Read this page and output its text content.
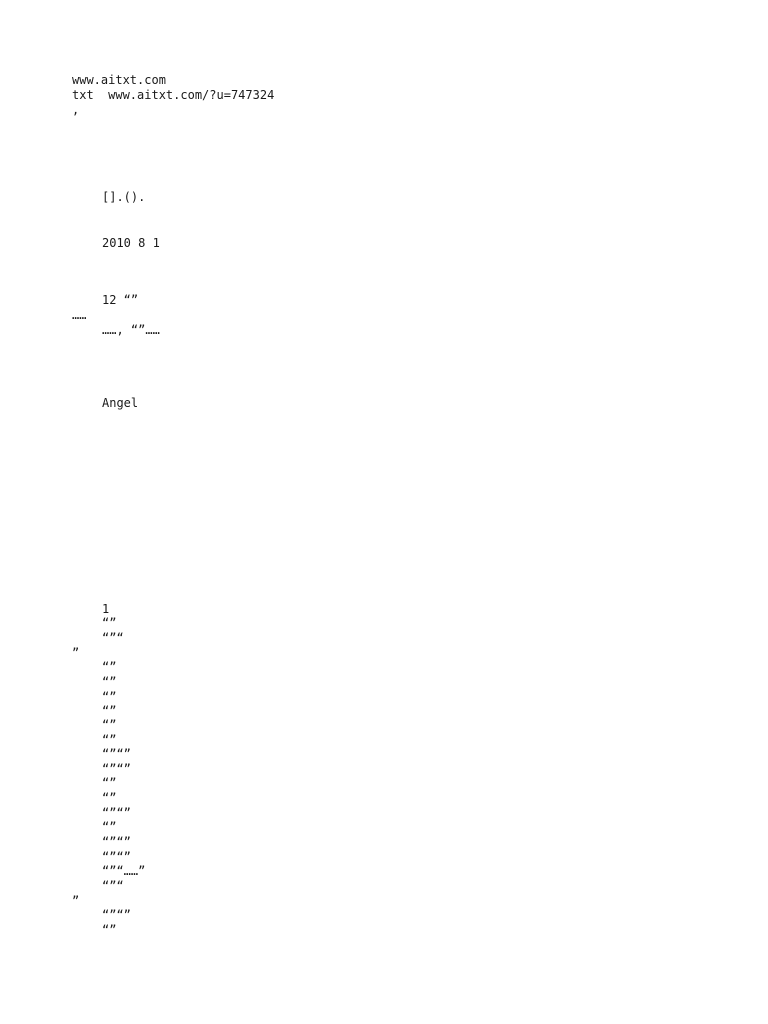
www.aitxt.com
txt  www.aitxt.com/?u=747324
,
[].().
2010 8 1
12 “”
……
……, “”……
Angel
1
“”
“”“
”
“”
“”
“”
“”
“”
“”
“”“”
“”“”
“”
“”
“”“”
“”
“”“”
“”“”
“”“……”
“”“
”
“”“”
“”
